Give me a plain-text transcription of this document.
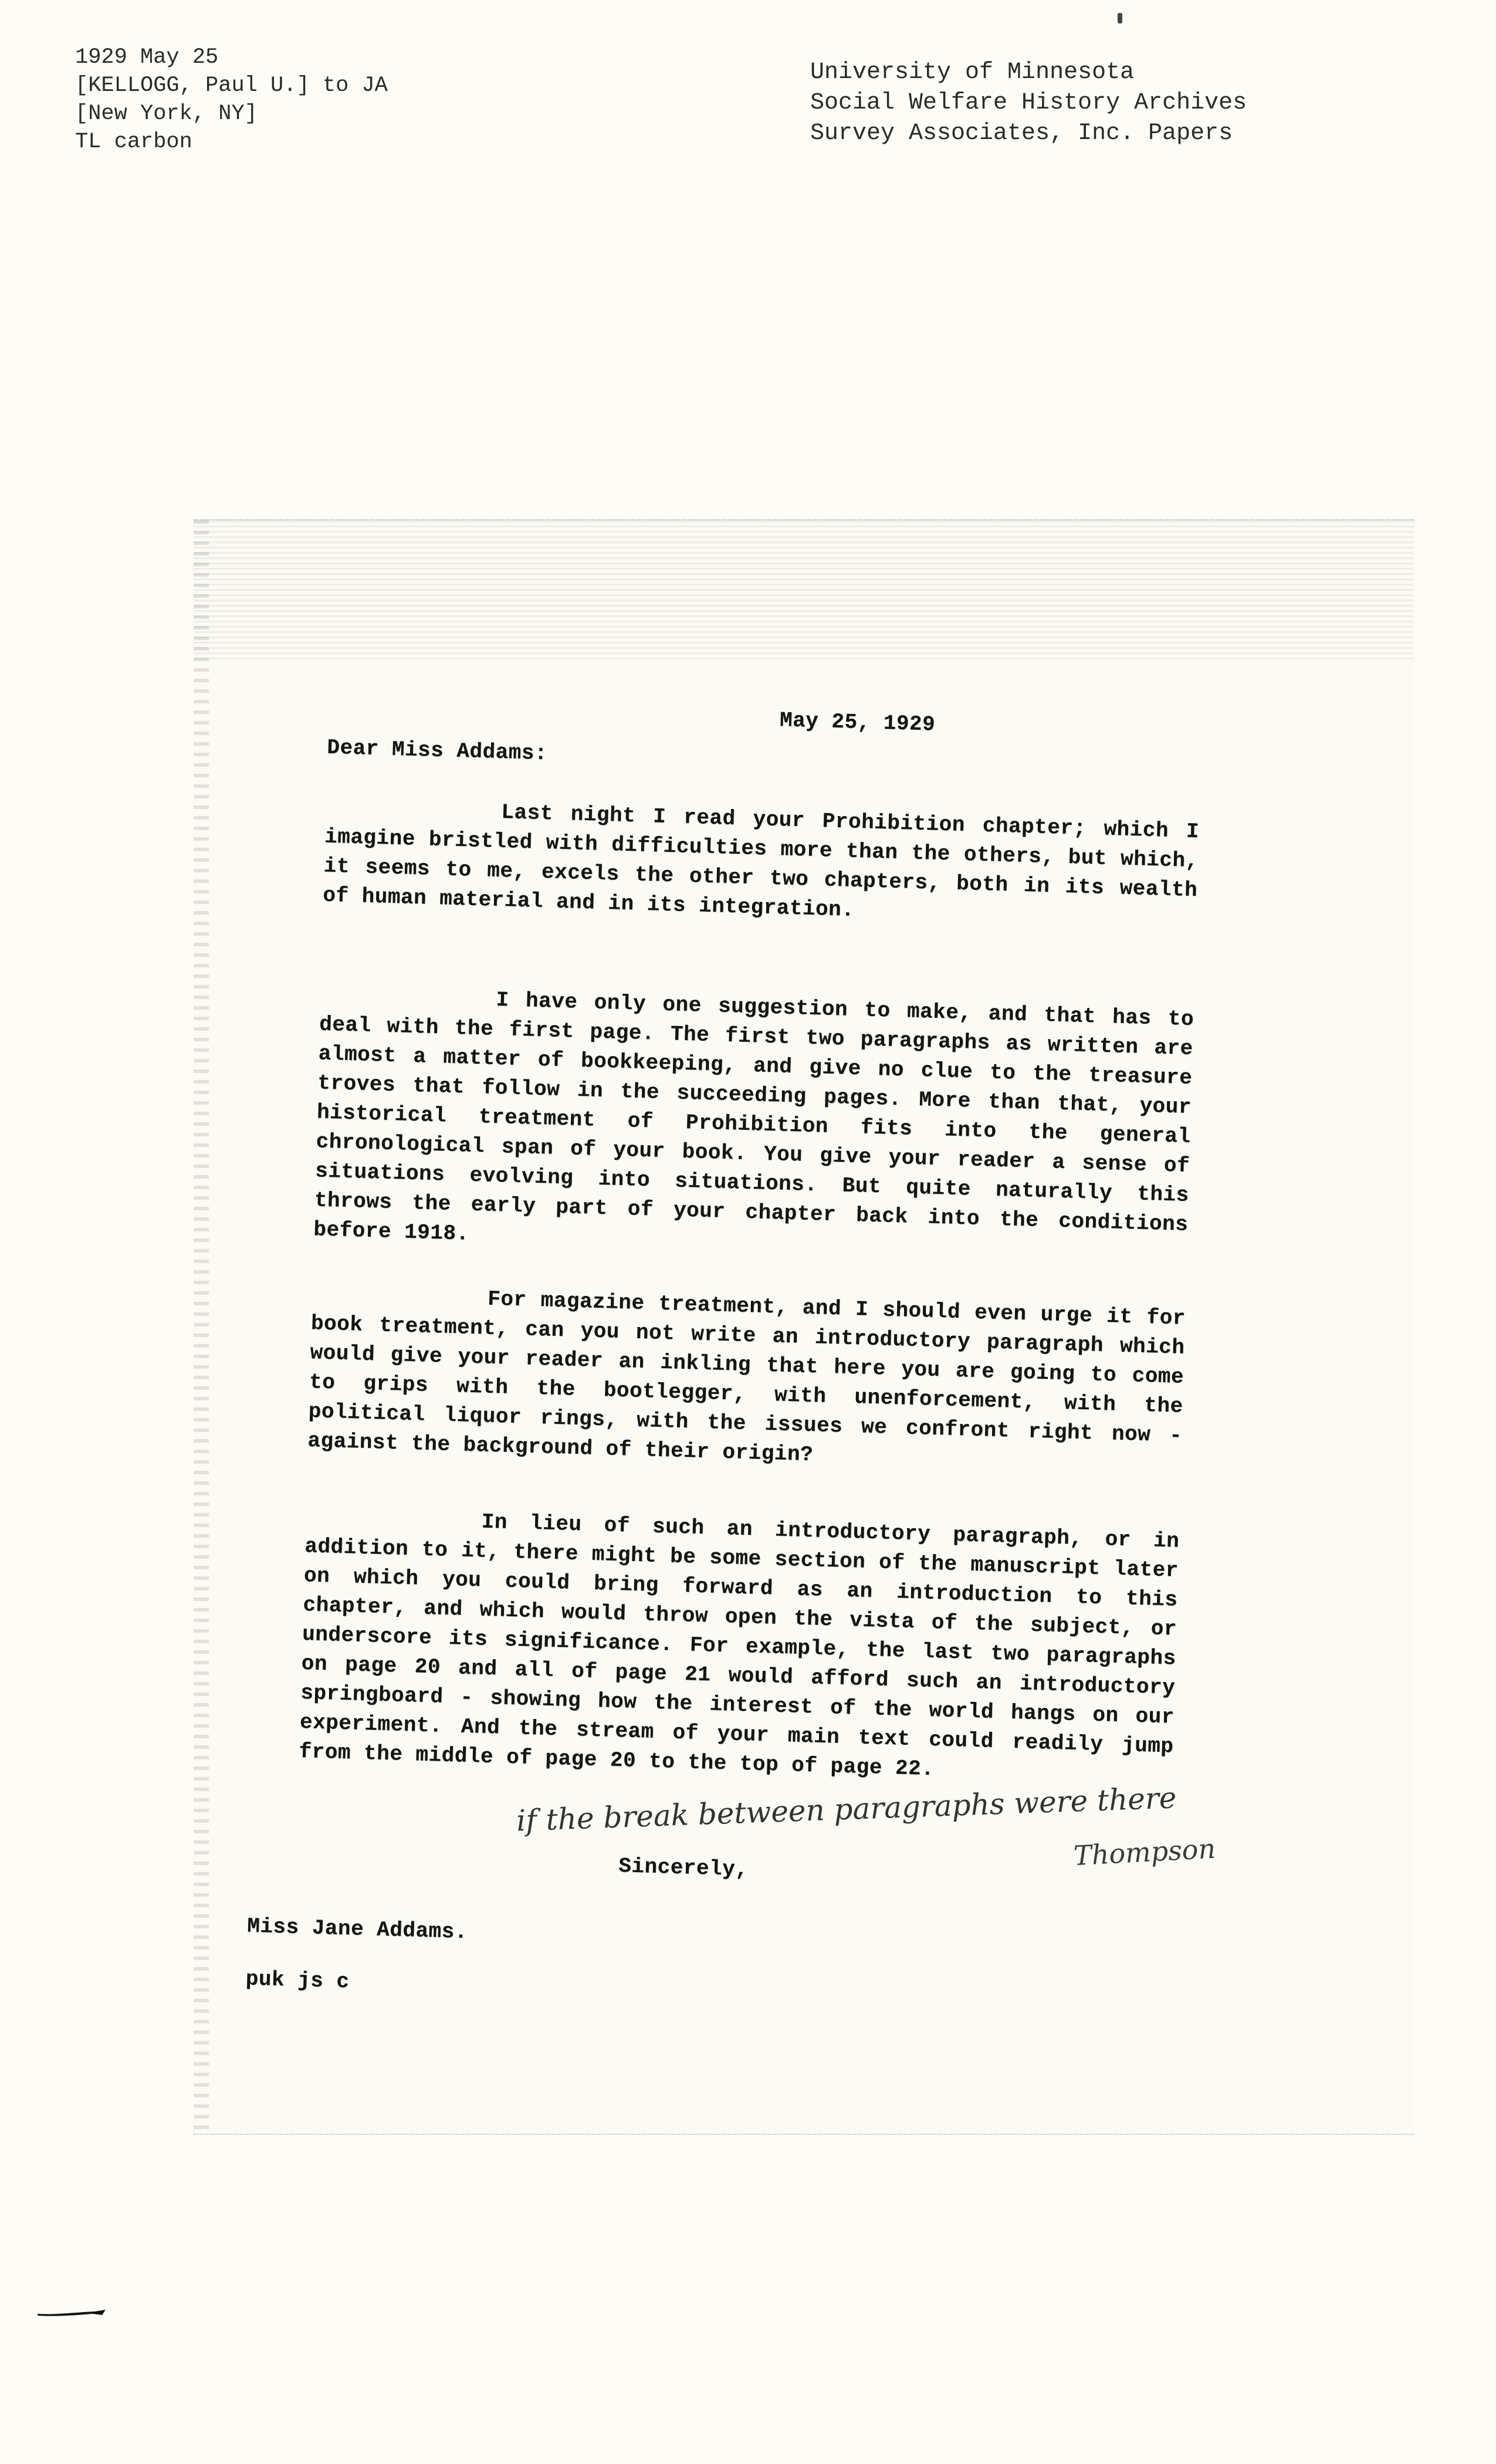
1929 May 25
[KELLOGG, Paul U.] to JA
[New York, NY]
TL carbon
University of Minnesota
Social Welfare History Archives
Survey Associates, Inc. Papers
May 25, 1929
Dear Miss Addams:
Last night I read your Prohibition chapter; which I imagine bristled with difficulties more than the others, but which, it seems to me, excels the other two chapters, both in its wealth of human material and in its integration.
I have only one suggestion to make, and that has to deal with the first page. The first two paragraphs as written are almost a matter of bookkeeping, and give no clue to the treasure troves that follow in the succeeding pages. More than that, your historical treatment of Prohibition fits into the general chronological span of your book. You give your reader a sense of situations evolving into situations. But quite naturally this throws the early part of your chapter back into the conditions before 1918.
For magazine treatment, and I should even urge it for book treatment, can you not write an introductory paragraph which would give your reader an inkling that here you are going to come to grips with the bootlegger, with unenforcement, with the political liquor rings, with the issues we confront right now - against the background of their origin?
In lieu of such an introductory paragraph, or in addition to it, there might be some section of the manuscript later on which you could bring forward as an introduction to this chapter, and which would throw open the vista of the subject, or underscore its significance. For example, the last two paragraphs on page 20 and all of page 21 would afford such an introductory springboard - showing how the interest of the world hangs on our experiment. And the stream of your main text could readily jump from the middle of page 20 to the top of page 22.
Sincerely,
Miss Jane Addams.
puk js c
if the break between paragraphs were there
Thompson
